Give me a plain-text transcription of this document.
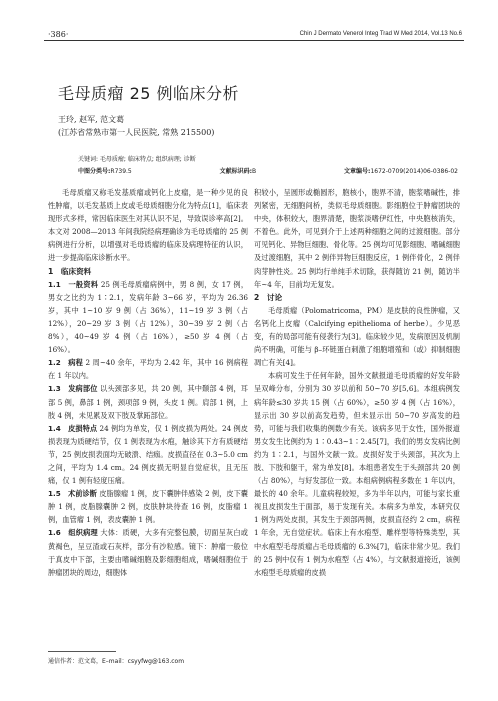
·386·	Chin J Dermato Venerol Integ Trad W Med 2014, Vol.13 No.6
毛母质瘤 25 例临床分析
王玲, 赵军, 范文葛
(江苏省常熟市第一人民医院, 常熟 215500)
关键词: 毛母质瘤; 临床特点; 组织病理; 诊断
中图分类号:R739.5	文献标识码:B	文章编号:1672-0709(2014)06-0386-02

毛母质瘤又称毛发基质瘤或钙化上皮瘤，是一种少见的良性肿瘤，以毛发基质上皮或毛母质细胞分化为特点[1]，临床表现形式多样，常因临床医生对其认识不足，导致误诊率高[2]。本文对 2008—2013 年间我院经病理确诊为毛母质瘤的 25 例病例进行分析，以增强对毛母质瘤的临床及病理特征的认识，进一步提高临床诊断水平。

1　临床资料

1.1　一般资料 25 例毛母质瘤病例中，男 8 例，女 17 例，男女之比约为 1∶2.1，发病年龄 3~66 岁，平均为 26.36 岁，其中 1~10 岁 9 例（占 36%），11~19 岁 3 例（占 12%），20~29 岁 3 例（占 12%），30~39 岁 2 例（占 8%），40~49 岁 4 例（占 16%），≥50 岁 4 例（占 16%）。

1.2　病程 2 周~40 余年，平均为 2.42 年，其中 16 例病程在 1 年以内。

1.3　发病部位 以头颈部多见，共 20 例，其中颞部 4 例，耳部 5 例，鼻部 1 例，颈项部 9 例，头皮 1 例。肩部 1 例，上肢 4 例，未见累及双下肢及掌跖部位。

1.4　皮损特点 24 例均为单发，仅 1 例皮损为两处。24 例皮损表现为质硬结节，仅 1 例表现为水疱，触诊其下方有质硬结节，25 例皮损表面均无破溃、结痂。皮损直径在 0.3~5.0 cm 之间，平均为 1.4 cm。24 例皮损无明显自觉症状，且无压痛，仅 1 例有轻度压痛。

1.5　术前诊断 皮脂腺瘤 1 例，皮下囊肿伴感染 2 例，皮下囊肿 1 例，皮脂腺囊肿 2 例，皮肤肿块待查 16 例，皮脂瘤 1 例，血管瘤 1 例，表皮囊肿 1 例。

1.6　组织病理 大体：质硬，大多有完整包膜，切面呈灰白或黄褐色，呈豆渣或石灰样，部分有沙粒感。镜下：肿瘤一般位于真皮中下部，主要由嗜碱细胞及影细胞组成，嗜碱细胞位于肿瘤团块的周边，细胞体

积较小，呈圆形或椭圆形，胞核小，胞界不清，胞浆嗜碱性，排列紧密，无细胞间桥，类似毛母质细胞。影细胞位于肿瘤团块的中央，体积较大，胞界清楚，胞浆淡嗜伊红性，中央胞核消失，不着色。此外，可见到介于上述两种细胞之间的过渡细胞。部分可见钙化、异物巨细胞、骨化等。25 例均可见影细胞、嗜碱细胞及过渡细胞，其中 2 例伴异物巨细胞反应，1 例伴骨化，2 例伴肉芽肿性炎。25 例均行单纯手术切除，获得随访 21 例，随访半年~4 年，目前均无复发。

2　讨论

毛母质瘤（Polomatricoma，PM）是皮肤的良性肿瘤，又名钙化上皮瘤（Calcifying epithelioma of herbe）。少见恶变，有的局部可能有侵袭行为[3]。临床较少见，发病原因及机制尚不明确，可能与 β–环链蛋白刺激了细胞增殖和（或）抑制细胞凋亡有关[4]。

本病可发生于任何年龄，国外文献报道毛母质瘤的好发年龄呈双峰分布，分别为 30 岁以前和 50~70 岁[5,6]。本组病例发病年龄≤30 岁共 15 例（占 60%），≥50 岁 4 例（占 16%），显示出 30 岁以前高发趋势，但未显示出 50~70 岁高发的趋势，可能与我们收集的例数少有关。该病多见于女性，国外报道男女发生比例约为 1∶0.43~1∶2.45[7]，我们的男女发病比例约为 1∶2.1，与国外文献一致。皮损好发于头颈部，其次为上肢、下肢和躯干，常为单发[8]。本组患者发生于头颈部共 20 例（占 80%），与好发部位一致。本组病例病程多数在 1 年以内，最长的 40 余年。儿童病程较短，多为半年以内，可能与家长重视且皮损发生于面部，易于发现有关。本病多为单发，本研究仅 1 例为两处皮损，其发生于颈部两侧，皮损直径约 2 cm，病程 1 年余，无自觉症状。临床上有水疱型、雕样型等特殊类型，其中水疱型毛母质瘤占毛母质瘤的 6.3%[7]，临床非常少见。我们的 25 例中仅有 1 例为水疱型（占 4%），与文献报道接近，该例水疱型毛母质瘤的皮损

通信作者：范文葛，E–mail：csyyfwg@163.com
